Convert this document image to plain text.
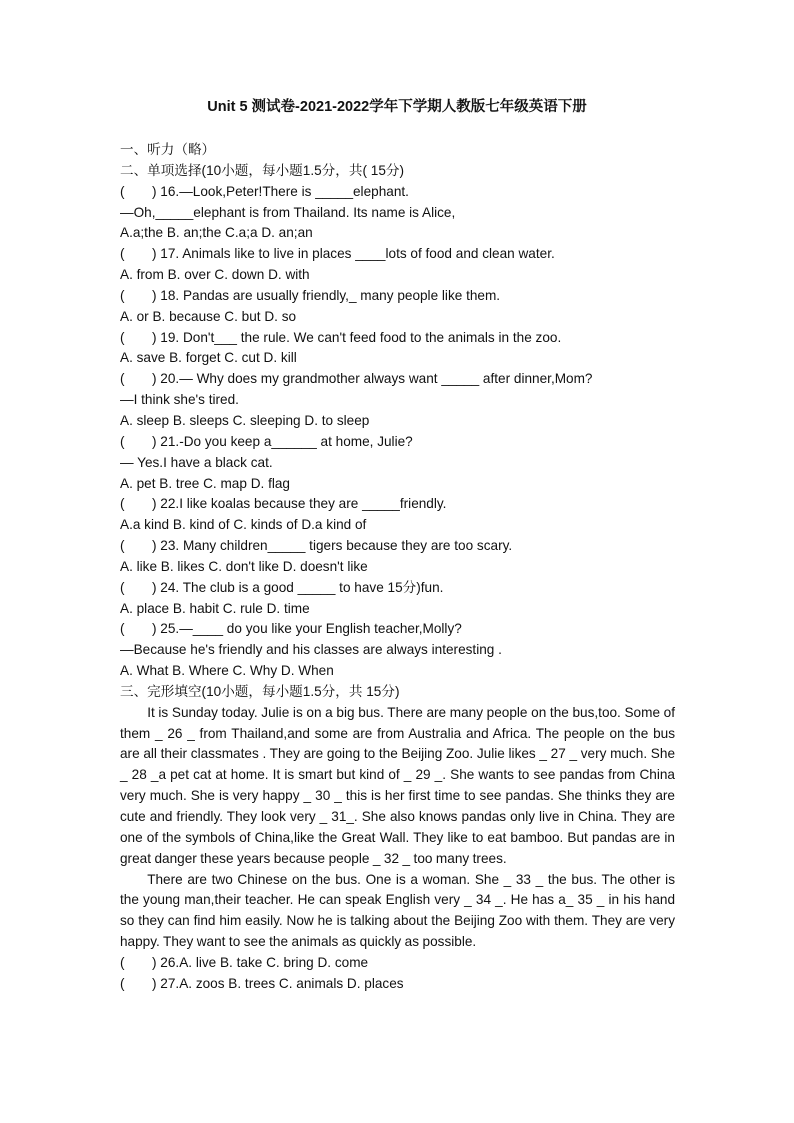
Unit 5 测试卷-2021-2022学年下学期人教版七年级英语下册
一、听力（略）
二、单项选择(10小题，每小题1.5分，共( 15分)
( ) 16.—Look,Peter!There is _____elephant.
—Oh,_____elephant is from Thailand. Its name is Alice,
A.a;the B. an;the C.a;a D. an;an
( ) 17. Animals like to live in places ____lots of food and clean water.
A. from B. over C. down D. with
( ) 18. Pandas are usually friendly,_ many people like them.
A. or B. because C. but D. so
( ) 19. Don't___ the rule. We can't feed food to the animals in the zoo.
A. save B. forget C. cut D. kill
( ) 20.— Why does my grandmother always want _____ after dinner,Mom?
—I think she's tired.
A. sleep B. sleeps C. sleeping D. to sleep
( ) 21.-Do you keep a______ at home, Julie?
— Yes.I have a black cat.
A. pet B. tree C. map D. flag
( ) 22.I like koalas because they are _____friendly.
A.a kind B. kind of C. kinds of D.a kind of
( ) 23. Many children_____ tigers because they are too scary.
A. like B. likes C. don't like D. doesn't like
( ) 24. The club is a good _____ to have 15分)fun.
A. place B. habit C. rule D. time
( ) 25.—____ do you like your English teacher,Molly?
—Because he's friendly and his classes are always interesting .
A. What B. Where C. Why D. When
三、完形填空(10小题，每小题1.5分，共 15分)
It is Sunday today. Julie is on a big bus. There are many people on the bus,too. Some of them _ 26 _ from Thailand,and some are from Australia and Africa. The people on the bus are all their classmates . They are going to the Beijing Zoo. Julie likes _ 27 _ very much. She _ 28 _a pet cat at home. It is smart but kind of _ 29 _. She wants to see pandas from China very much. She is very happy _ 30 _ this is her first time to see pandas. She thinks they are cute and friendly. They look very _ 31_. She also knows pandas only live in China. They are one of the symbols of China,like the Great Wall. They like to eat bamboo. But pandas are in great danger these years because people _ 32 _ too many trees.
There are two Chinese on the bus. One is a woman. She _ 33 _ the bus. The other is the young man,their teacher. He can speak English very _ 34 _. He has a_ 35 _ in his hand so they can find him easily. Now he is talking about the Beijing Zoo with them. They are very happy. They want to see the animals as quickly as possible.
( ) 26.A. live B. take C. bring D. come
( ) 27.A. zoos B. trees C. animals D. places
